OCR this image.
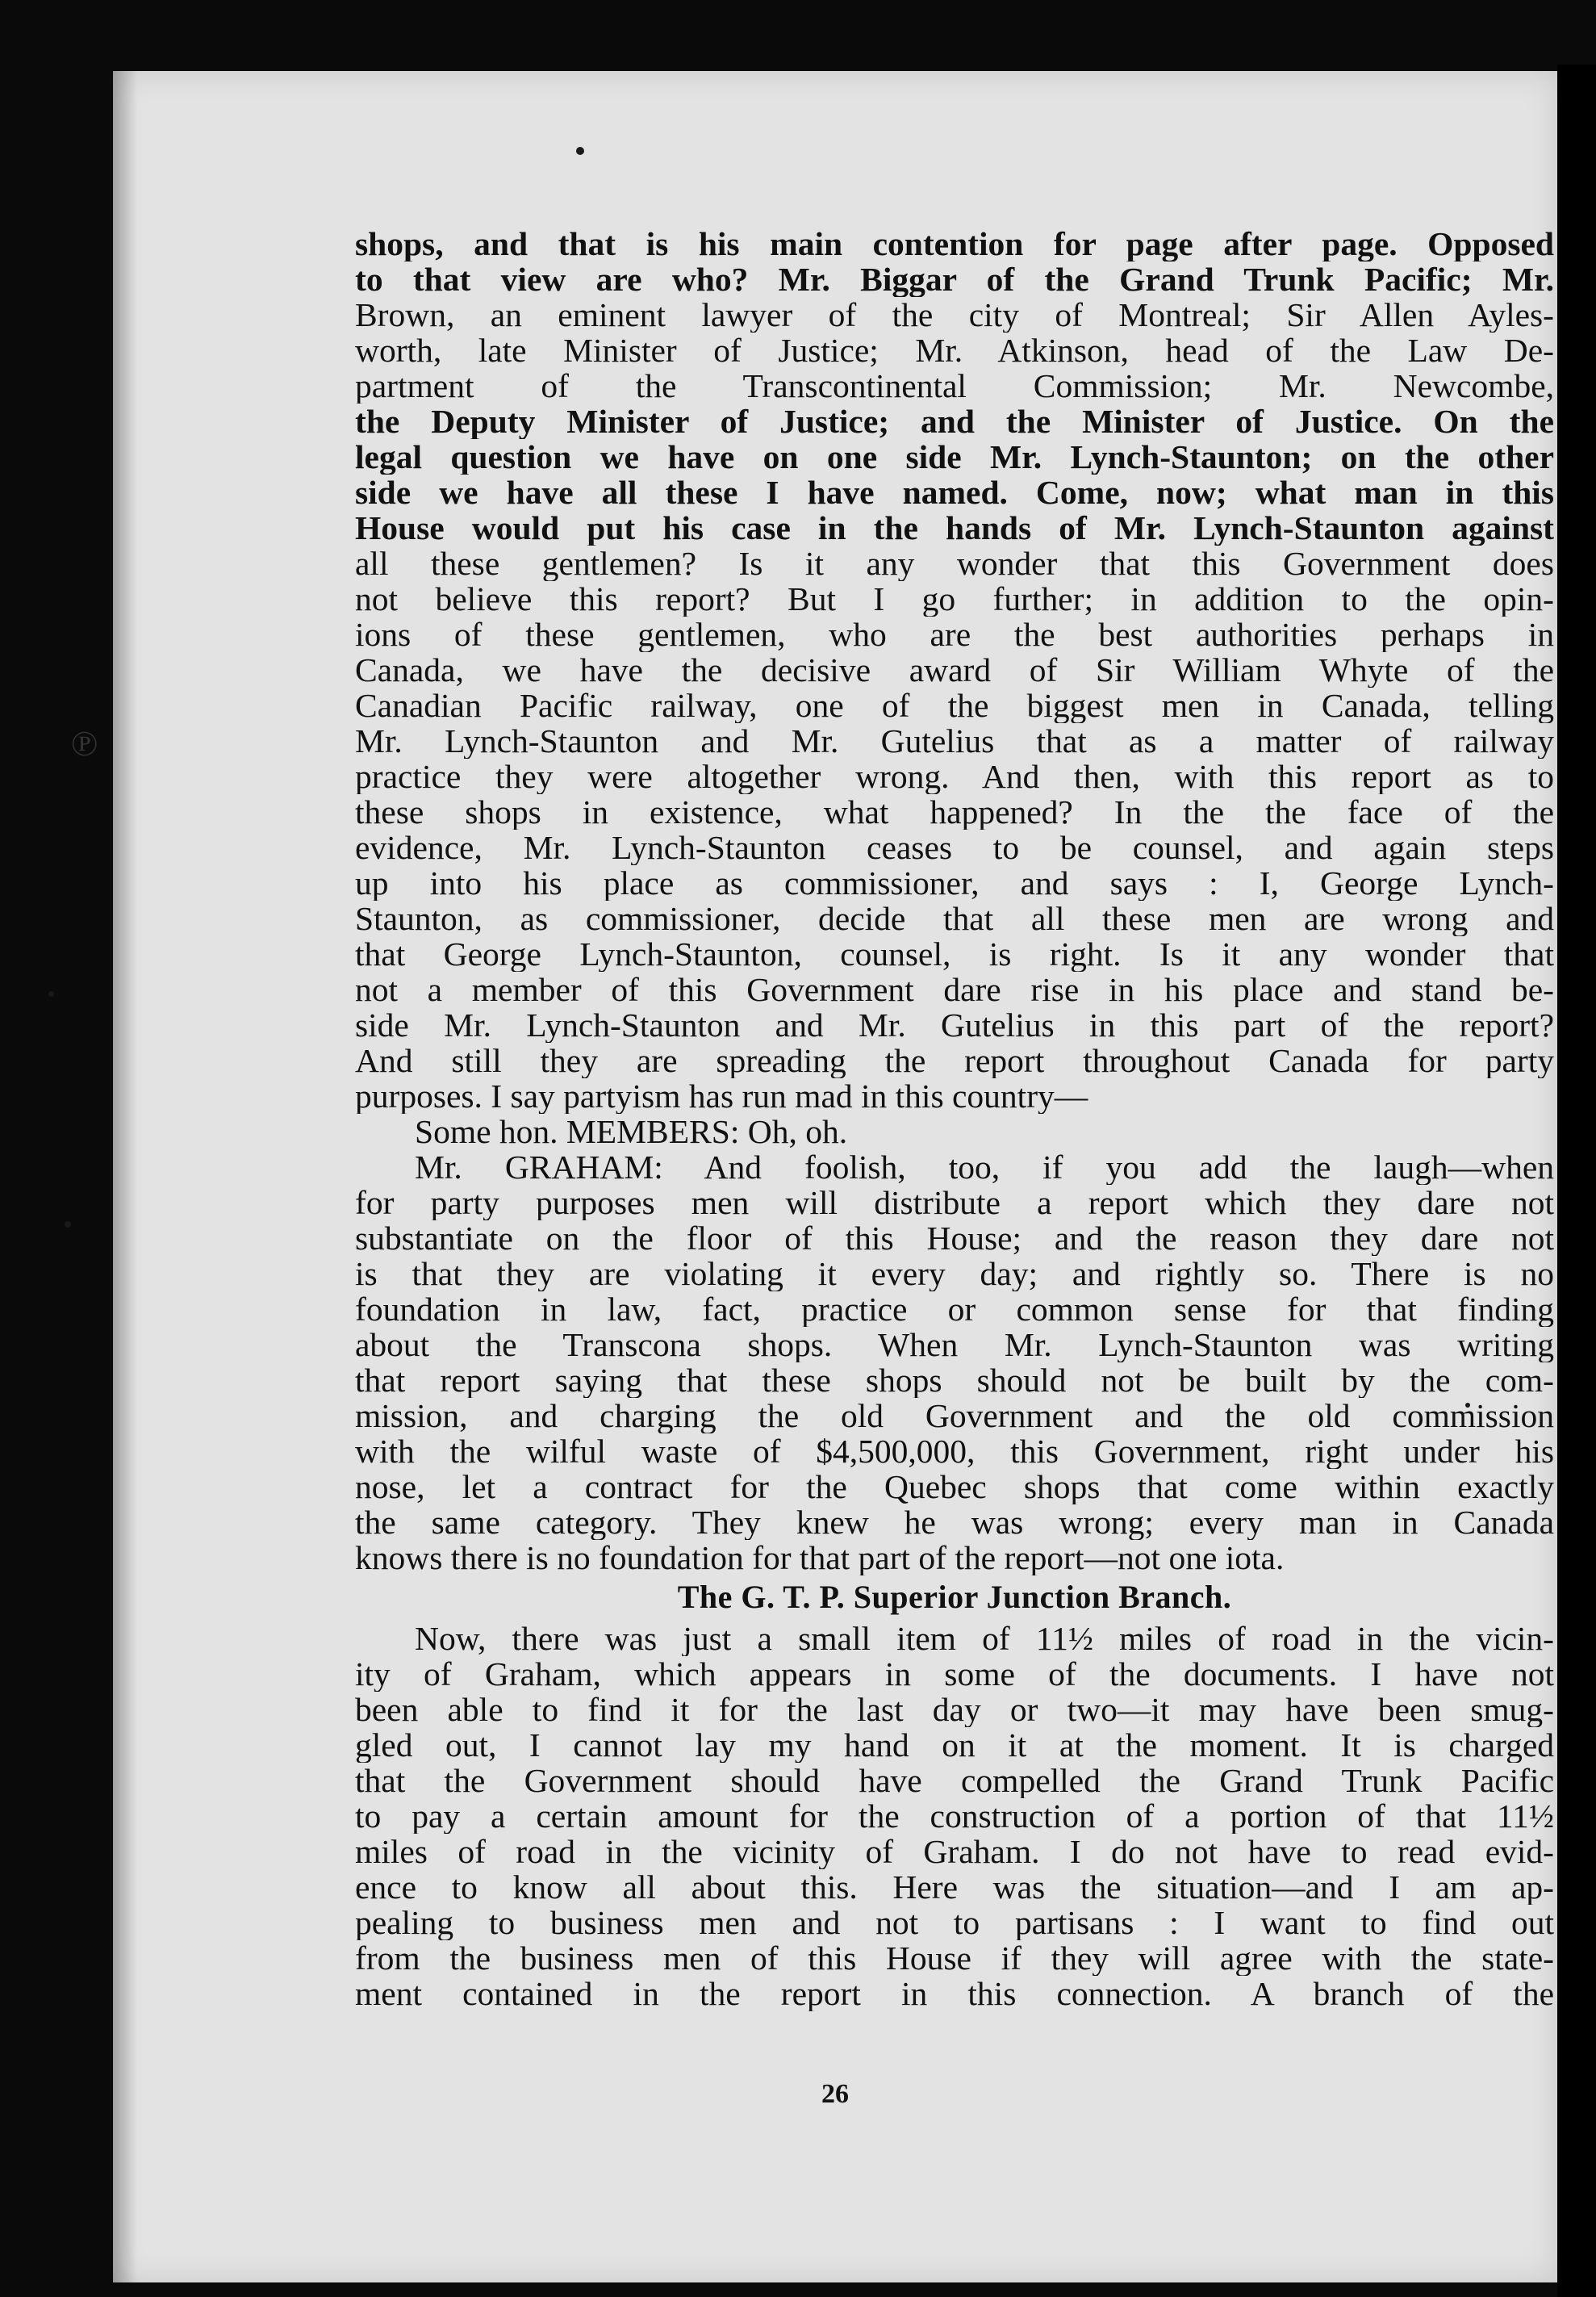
℗
shops, and that is his main contention for page after page. Opposed
to that view are who? Mr. Biggar of the Grand Trunk Pacific; Mr.
Brown, an eminent lawyer of the city of Montreal; Sir Allen Ayles-
worth, late Minister of Justice; Mr. Atkinson, head of the Law De-
partment of the Transcontinental Commission; Mr. Newcombe,
the Deputy Minister of Justice; and the Minister of Justice. On the
legal question we have on one side Mr. Lynch-Staunton; on the other
side we have all these I have named. Come, now; what man in this
House would put his case in the hands of Mr. Lynch-Staunton against
all these gentlemen? Is it any wonder that this Government does
not believe this report? But I go further; in addition to the opin-
ions of these gentlemen, who are the best authorities perhaps in
Canada, we have the decisive award of Sir William Whyte of the
Canadian Pacific railway, one of the biggest men in Canada, telling
Mr. Lynch-Staunton and Mr. Gutelius that as a matter of railway
practice they were altogether wrong. And then, with this report as to
these shops in existence, what happened? In the the face of the
evidence, Mr. Lynch-Staunton ceases to be counsel, and again steps
up into his place as commissioner, and says : I, George Lynch-
Staunton, as commissioner, decide that all these men are wrong and
that George Lynch-Staunton, counsel, is right. Is it any wonder that
not a member of this Government dare rise in his place and stand be-
side Mr. Lynch-Staunton and Mr. Gutelius in this part of the report?
And still they are spreading the report throughout Canada for party
purposes. I say partyism has run mad in this country—
Some hon. MEMBERS: Oh, oh.
Mr. GRAHAM: And foolish, too, if you add the laugh—when
for party purposes men will distribute a report which they dare not
substantiate on the floor of this House; and the reason they dare not
is that they are violating it every day; and rightly so. There is no
foundation in law, fact, practice or common sense for that finding
about the Transcona shops. When Mr. Lynch-Staunton was writing
that report saying that these shops should not be built by the com-
mission, and charging the old Government and the old commission
with the wilful waste of $4,500,000, this Government, right under his
nose, let a contract for the Quebec shops that come within exactly
the same category. They knew he was wrong; every man in Canada
knows there is no foundation for that part of the report—not one iota.
The G. T. P. Superior Junction Branch.
Now, there was just a small item of 11½ miles of road in the vicin-
ity of Graham, which appears in some of the documents. I have not
been able to find it for the last day or two—it may have been smug-
gled out, I cannot lay my hand on it at the moment. It is charged
that the Government should have compelled the Grand Trunk Pacific
to pay a certain amount for the construction of a portion of that 11½
miles of road in the vicinity of Graham. I do not have to read evid-
ence to know all about this. Here was the situation—and I am ap-
pealing to business men and not to partisans : I want to find out
from the business men of this House if they will agree with the state-
ment contained in the report in this connection. A branch of the
26
